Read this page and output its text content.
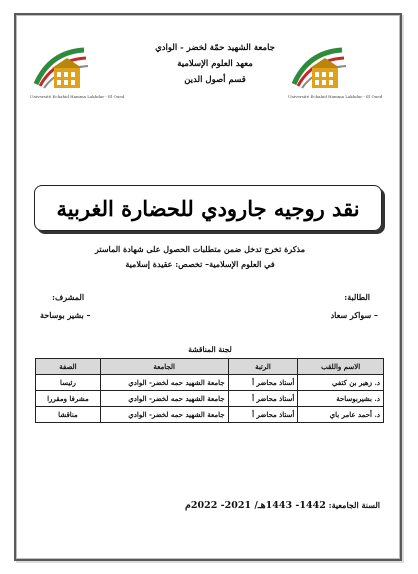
Université Echahid Hamma Lakhdar - El Oued	Université Echahid Hamma Lakhdar - El Oued
جامعة الشهيد حمّة لخضر - الوادي
معهد العلوم الإسلامية
قسم أصول الدين
نقد روجيه جارودي للحضارة الغربية
مذكرة تخرج تدخل ضمن متطلبات الحصول على شهادة الماستر
في العلوم الإسلامية– تخصص: عقيدة إسلامية
الطالبة:
– سواكر سعاد
المشرف:
– بشير بوساحة
لجنة المناقشة
الاسم واللقب	الرتبة	الجامعة	الصفة
د. زهير بن كتفي	أستاذ محاضر أ	جامعة الشهيد حمه لخضر- الوادي	رئيسا
د. بشيربوساحة	أستاذ محاضر أ	جامعة الشهيد حمه لخضر- الوادي	مشرفا ومقررا
د. أحمد عامر باي	أستاذ محاضر أ	جامعة الشهيد حمه لخضر- الوادي	مناقشا
السنة الجامعية: 1442- 1443هـ/ 2021- 2022م
